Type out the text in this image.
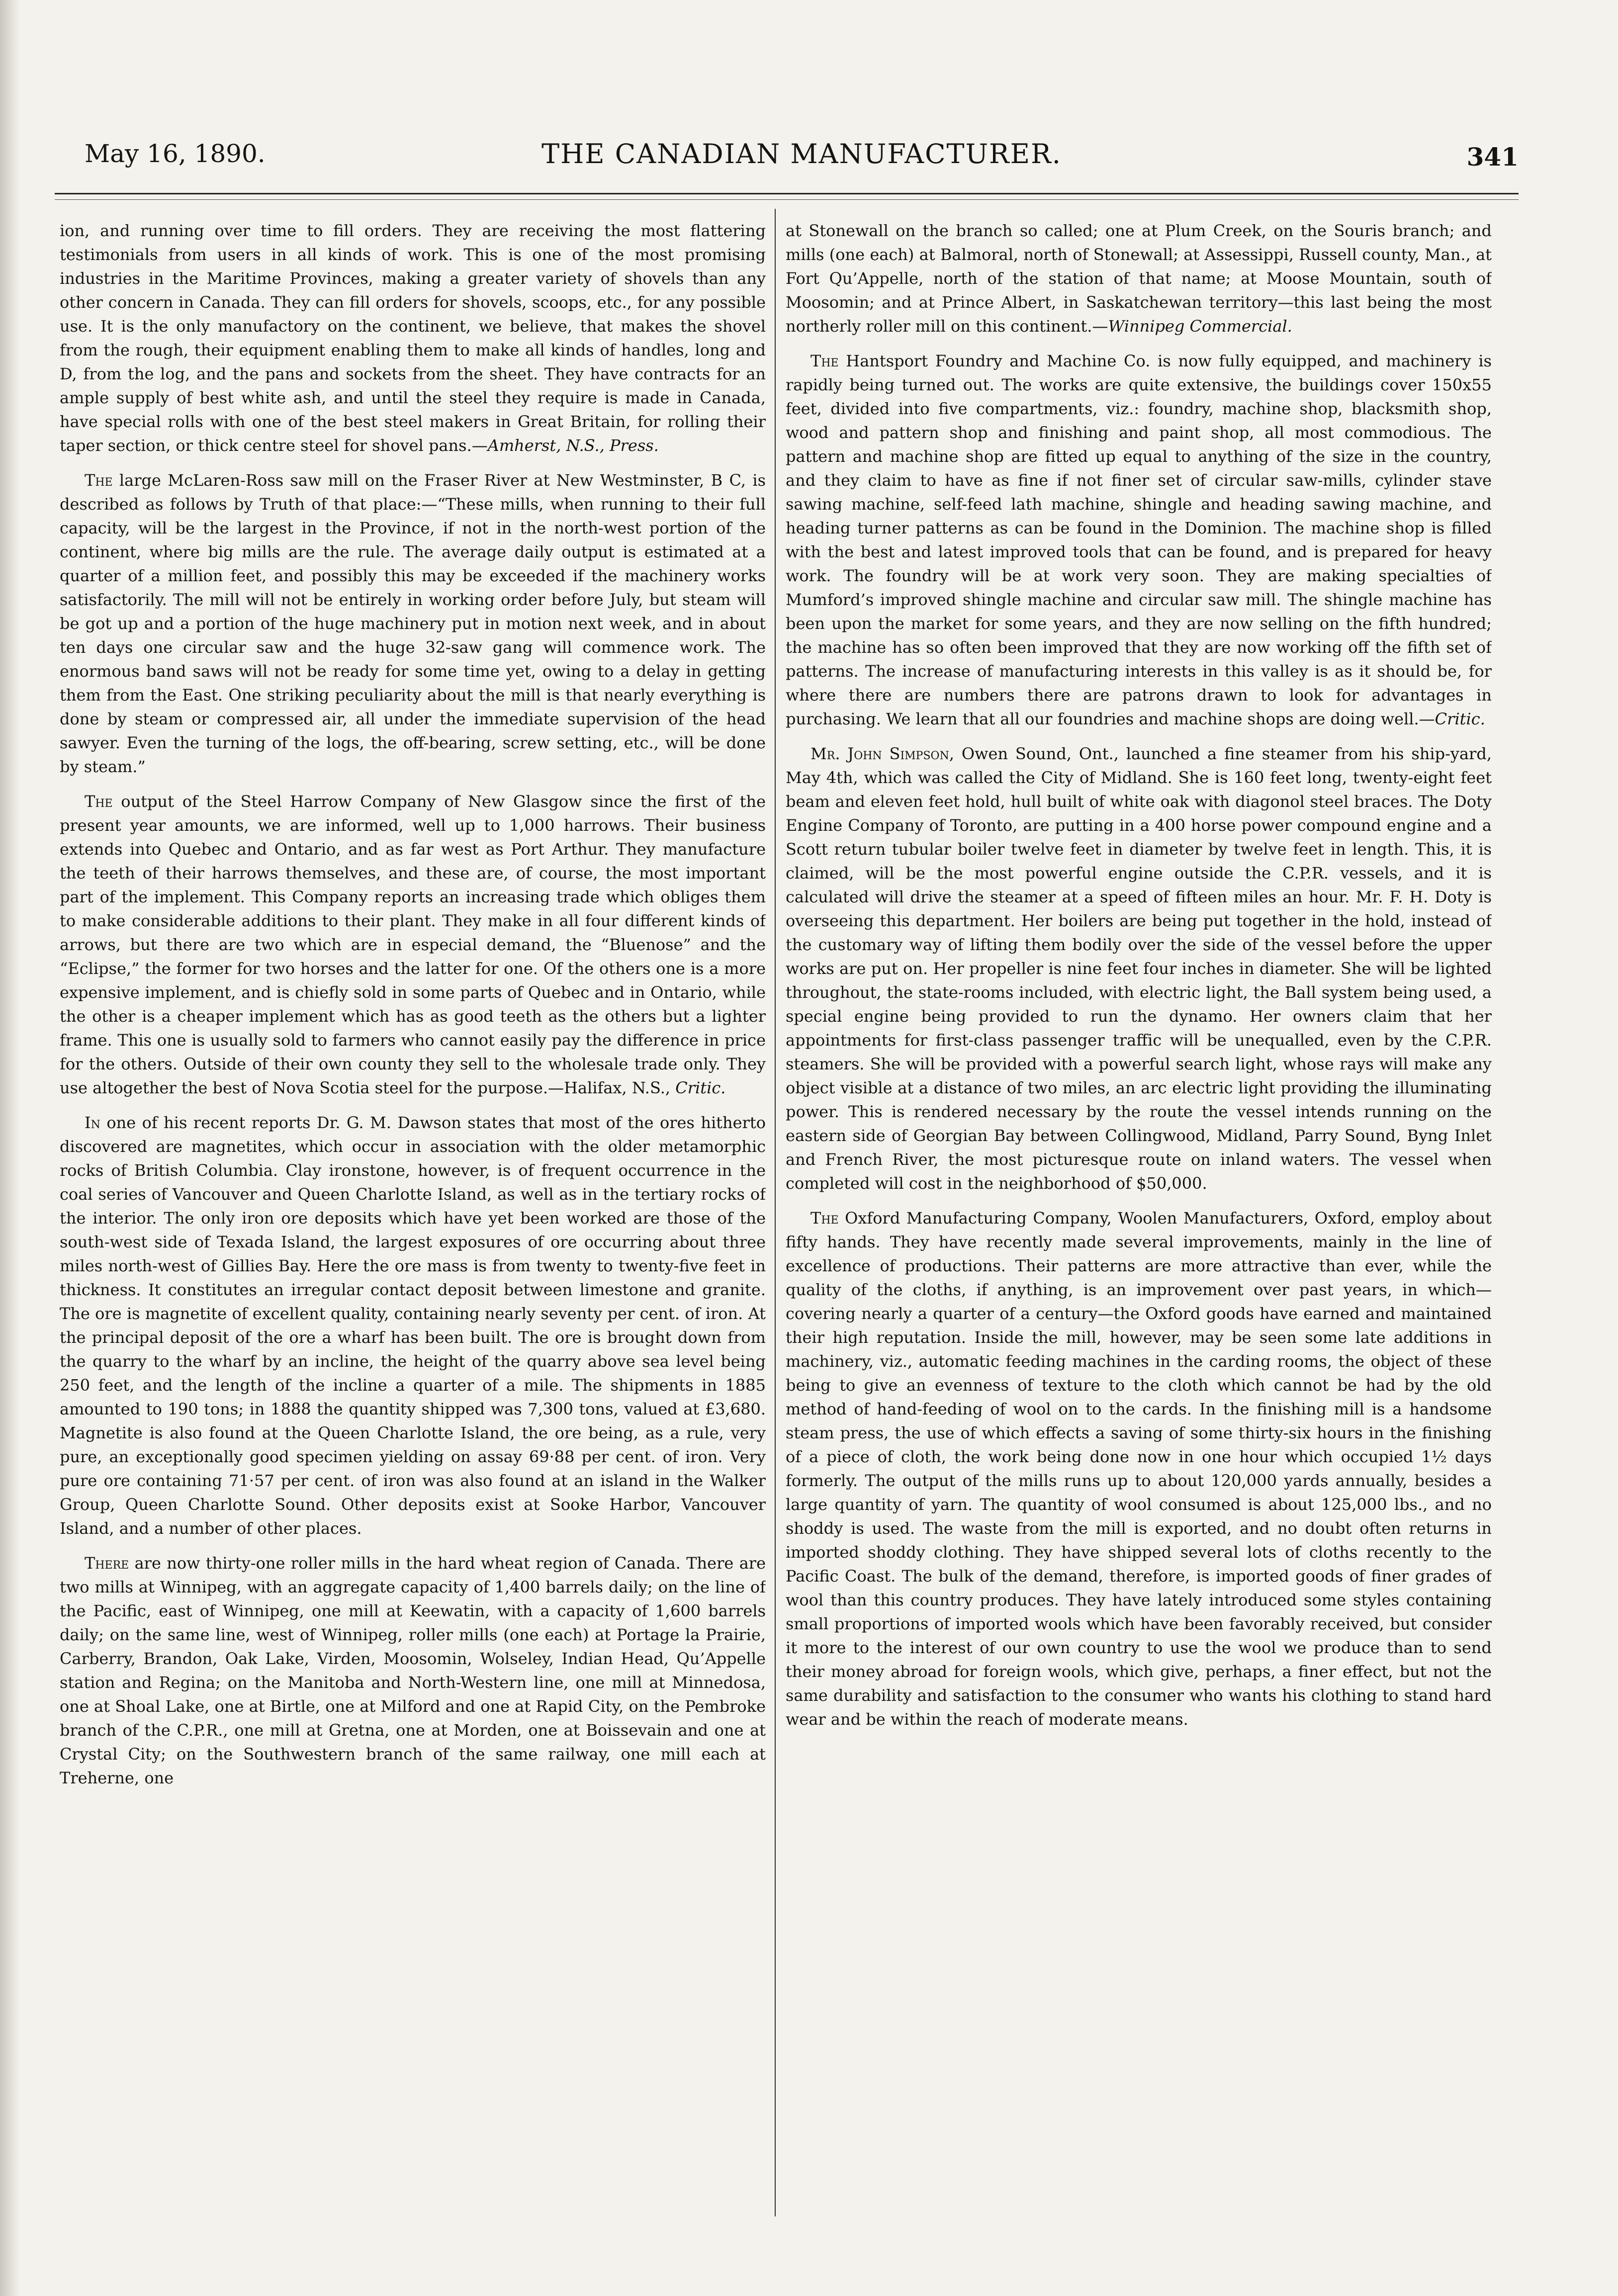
May 16, 1890.	THE CANADIAN MANUFACTURER.	341

ion, and running over time to fill orders. They are receiving the most flattering testimonials from users in all kinds of work. This is one of the most promising industries in the Maritime Provinces, making a greater variety of shovels than any other concern in Canada. They can fill orders for shovels, scoops, etc., for any possible use. It is the only manufactory on the continent, we believe, that makes the shovel from the rough, their equipment enabling them to make all kinds of handles, long and D, from the log, and the pans and sockets from the sheet. They have contracts for an ample supply of best white ash, and until the steel they require is made in Canada, have special rolls with one of the best steel makers in Great Britain, for rolling their taper section, or thick centre steel for shovel pans.—Amherst, N.S., Press.

The large McLaren-Ross saw mill on the Fraser River at New Westminster, B C, is described as follows by Truth of that place:—“These mills, when running to their full capacity, will be the largest in the Province, if not in the north-west portion of the continent, where big mills are the rule. The average daily output is estimated at a quarter of a million feet, and possibly this may be exceeded if the machinery works satisfactorily. The mill will not be entirely in working order before July, but steam will be got up and a portion of the huge machinery put in motion next week, and in about ten days one circular saw and the huge 32-saw gang will commence work. The enormous band saws will not be ready for some time yet, owing to a delay in getting them from the East. One striking peculiarity about the mill is that nearly everything is done by steam or compressed air, all under the immediate supervision of the head sawyer. Even the turning of the logs, the off-bearing, screw setting, etc., will be done by steam.”

The output of the Steel Harrow Company of New Glasgow since the first of the present year amounts, we are informed, well up to 1,000 harrows. Their business extends into Quebec and Ontario, and as far west as Port Arthur. They manufacture the teeth of their harrows themselves, and these are, of course, the most important part of the implement. This Company reports an increasing trade which obliges them to make considerable additions to their plant. They make in all four different kinds of arrows, but there are two which are in especial demand, the “Bluenose” and the “Eclipse,” the former for two horses and the latter for one. Of the others one is a more expensive implement, and is chiefly sold in some parts of Quebec and in Ontario, while the other is a cheaper implement which has as good teeth as the others but a lighter frame. This one is usually sold to farmers who cannot easily pay the difference in price for the others. Outside of their own county they sell to the wholesale trade only. They use altogether the best of Nova Scotia steel for the purpose.—Halifax, N.S., Critic.

In one of his recent reports Dr. G. M. Dawson states that most of the ores hitherto discovered are magnetites, which occur in association with the older metamorphic rocks of British Columbia. Clay ironstone, however, is of frequent occurrence in the coal series of Vancouver and Queen Charlotte Island, as well as in the tertiary rocks of the interior. The only iron ore deposits which have yet been worked are those of the south-west side of Texada Island, the largest exposures of ore occurring about three miles north-west of Gillies Bay. Here the ore mass is from twenty to twenty-five feet in thickness. It constitutes an irregular contact deposit between limestone and granite. The ore is magnetite of excellent quality, containing nearly seventy per cent. of iron. At the principal deposit of the ore a wharf has been built. The ore is brought down from the quarry to the wharf by an incline, the height of the quarry above sea level being 250 feet, and the length of the incline a quarter of a mile. The shipments in 1885 amounted to 190 tons; in 1888 the quantity shipped was 7,300 tons, valued at £3,680. Magnetite is also found at the Queen Charlotte Island, the ore being, as a rule, very pure, an exceptionally good specimen yielding on assay 69·88 per cent. of iron. Very pure ore containing 71·57 per cent. of iron was also found at an island in the Walker Group, Queen Charlotte Sound. Other deposits exist at Sooke Harbor, Vancouver Island, and a number of other places.

There are now thirty-one roller mills in the hard wheat region of Canada. There are two mills at Winnipeg, with an aggregate capacity of 1,400 barrels daily; on the line of the Pacific, east of Winnipeg, one mill at Keewatin, with a capacity of 1,600 barrels daily; on the same line, west of Winnipeg, roller mills (one each) at Portage la Prairie, Carberry, Brandon, Oak Lake, Virden, Moosomin, Wolseley, Indian Head, Qu’Appelle station and Regina; on the Manitoba and North-Western line, one mill at Minnedosa, one at Shoal Lake, one at Birtle, one at Milford and one at Rapid City, on the Pembroke branch of the C.P.R., one mill at Gretna, one at Morden, one at Boissevain and one at Crystal City; on the Southwestern branch of the same railway, one mill each at Treherne, one

at Stonewall on the branch so called; one at Plum Creek, on the Souris branch; and mills (one each) at Balmoral, north of Stonewall; at Assessippi, Russell county, Man., at Fort Qu’Appelle, north of the station of that name; at Moose Mountain, south of Moosomin; and at Prince Albert, in Saskatchewan territory—this last being the most northerly roller mill on this continent.—Winnipeg Commercial.

The Hantsport Foundry and Machine Co. is now fully equipped, and machinery is rapidly being turned out. The works are quite extensive, the buildings cover 150x55 feet, divided into five compartments, viz.: foundry, machine shop, blacksmith shop, wood and pattern shop and finishing and paint shop, all most commodious. The pattern and machine shop are fitted up equal to anything of the size in the country, and they claim to have as fine if not finer set of circular saw-mills, cylinder stave sawing machine, self-feed lath machine, shingle and heading sawing machine, and heading turner patterns as can be found in the Dominion. The machine shop is filled with the best and latest improved tools that can be found, and is prepared for heavy work. The foundry will be at work very soon. They are making specialties of Mumford’s improved shingle machine and circular saw mill. The shingle machine has been upon the market for some years, and they are now selling on the fifth hundred; the machine has so often been improved that they are now working off the fifth set of patterns. The increase of manufacturing interests in this valley is as it should be, for where there are numbers there are patrons drawn to look for advantages in purchasing. We learn that all our foundries and machine shops are doing well.—Critic.

Mr. John Simpson, Owen Sound, Ont., launched a fine steamer from his ship-yard, May 4th, which was called the City of Midland. She is 160 feet long, twenty-eight feet beam and eleven feet hold, hull built of white oak with diagonol steel braces. The Doty Engine Company of Toronto, are putting in a 400 horse power compound engine and a Scott return tubular boiler twelve feet in diameter by twelve feet in length. This, it is claimed, will be the most powerful engine outside the C.P.R. vessels, and it is calculated will drive the steamer at a speed of fifteen miles an hour. Mr. F. H. Doty is overseeing this department. Her boilers are being put together in the hold, instead of the customary way of lifting them bodily over the side of the vessel before the upper works are put on. Her propeller is nine feet four inches in diameter. She will be lighted throughout, the state-rooms included, with electric light, the Ball system being used, a special engine being provided to run the dynamo. Her owners claim that her appointments for first-class passenger traffic will be unequalled, even by the C.P.R. steamers. She will be provided with a powerful search light, whose rays will make any object visible at a distance of two miles, an arc electric light providing the illuminating power. This is rendered necessary by the route the vessel intends running on the eastern side of Georgian Bay between Collingwood, Midland, Parry Sound, Byng Inlet and French River, the most picturesque route on inland waters. The vessel when completed will cost in the neighborhood of $50,000.

The Oxford Manufacturing Company, Woolen Manufacturers, Oxford, employ about fifty hands. They have recently made several improvements, mainly in the line of excellence of productions. Their patterns are more attractive than ever, while the quality of the cloths, if anything, is an improvement over past years, in which—covering nearly a quarter of a century—the Oxford goods have earned and maintained their high reputation. Inside the mill, however, may be seen some late additions in machinery, viz., automatic feeding machines in the carding rooms, the object of these being to give an evenness of texture to the cloth which cannot be had by the old method of hand-feeding of wool on to the cards. In the finishing mill is a handsome steam press, the use of which effects a saving of some thirty-six hours in the finishing of a piece of cloth, the work being done now in one hour which occupied 1½ days formerly. The output of the mills runs up to about 120,000 yards annually, besides a large quantity of yarn. The quantity of wool consumed is about 125,000 lbs., and no shoddy is used. The waste from the mill is exported, and no doubt often returns in imported shoddy clothing. They have shipped several lots of cloths recently to the Pacific Coast. The bulk of the demand, therefore, is imported goods of finer grades of wool than this country produces. They have lately introduced some styles containing small proportions of imported wools which have been favorably received, but consider it more to the interest of our own country to use the wool we produce than to send their money abroad for foreign wools, which give, perhaps, a finer effect, but not the same durability and satisfaction to the consumer who wants his clothing to stand hard wear and be within the reach of moderate means.
